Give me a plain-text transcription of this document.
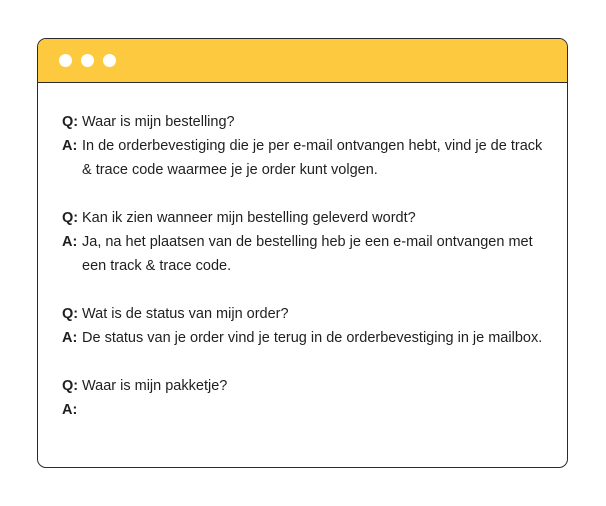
Q: Waar is mijn bestelling?
A: In de orderbevestiging die je per e-mail ontvangen hebt, vind je de track & trace code waarmee je je order kunt volgen.
Q: Kan ik zien wanneer mijn bestelling geleverd wordt?
A: Ja, na het plaatsen van de bestelling heb je een e-mail ontvangen met een track & trace code.
Q: Wat is de status van mijn order?
A: De status van je order vind je terug in de orderbevestiging in je mailbox.
Q: Waar is mijn pakketje?
A:
